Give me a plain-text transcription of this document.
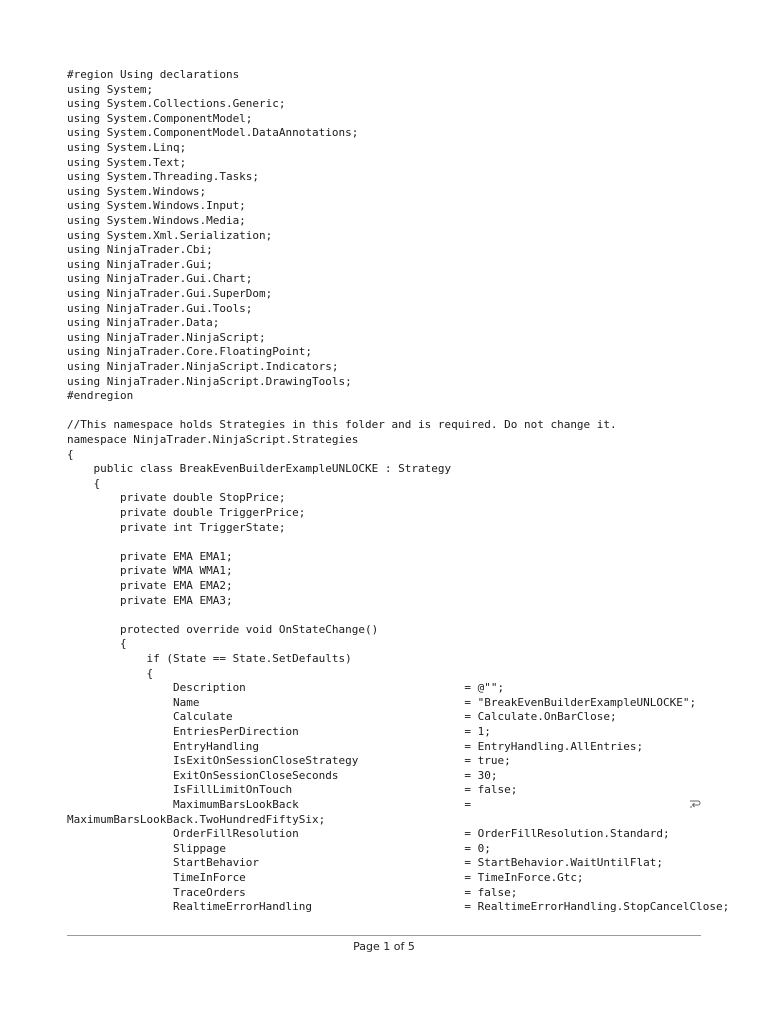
#region Using declarations
using System;
using System.Collections.Generic;
using System.ComponentModel;
using System.ComponentModel.DataAnnotations;
using System.Linq;
using System.Text;
using System.Threading.Tasks;
using System.Windows;
using System.Windows.Input;
using System.Windows.Media;
using System.Xml.Serialization;
using NinjaTrader.Cbi;
using NinjaTrader.Gui;
using NinjaTrader.Gui.Chart;
using NinjaTrader.Gui.SuperDom;
using NinjaTrader.Gui.Tools;
using NinjaTrader.Data;
using NinjaTrader.NinjaScript;
using NinjaTrader.Core.FloatingPoint;
using NinjaTrader.NinjaScript.Indicators;
using NinjaTrader.NinjaScript.DrawingTools;
#endregion
//This namespace holds Strategies in this folder and is required. Do not change it.
namespace NinjaTrader.NinjaScript.Strategies
{
public class BreakEvenBuilderExampleUNLOCKE : Strategy
{
private double StopPrice;
private double TriggerPrice;
private int TriggerState;
private EMA EMA1;
private WMA WMA1;
private EMA EMA2;
private EMA EMA3;
protected override void OnStateChange()
{
if (State == State.SetDefaults)
{
Description                                 = @"";
Name                                        = "BreakEvenBuilderExampleUNLOCKE";
Calculate                                   = Calculate.OnBarClose;
EntriesPerDirection                         = 1;
EntryHandling                               = EntryHandling.AllEntries;
IsExitOnSessionCloseStrategy                = true;
ExitOnSessionCloseSeconds                   = 30;
IsFillLimitOnTouch                          = false;
MaximumBarsLookBack                         =
MaximumBarsLookBack.TwoHundredFiftySix;
OrderFillResolution                         = OrderFillResolution.Standard;
Slippage                                    = 0;
StartBehavior                               = StartBehavior.WaitUntilFlat;
TimeInForce                                 = TimeInForce.Gtc;
TraceOrders                                 = false;
RealtimeErrorHandling                       = RealtimeErrorHandling.StopCancelClose;
Page 1 of 5
